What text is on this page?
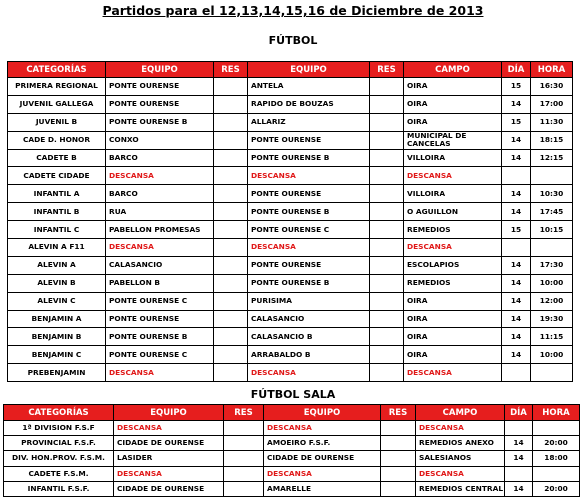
Partidos para el 12,13,14,15,16 de Diciembre de 2013
FÚTBOL
CATEGORÍAS	EQUIPO	RES	EQUIPO	RES	CAMPO	DÍA	HORA
PRIMERA REGIONAL	PONTE OURENSE		ANTELA		OIRA	15	16:30
JUVENIL GALLEGA	PONTE OURENSE		RAPIDO DE BOUZAS		OIRA	14	17:00
JUVENIL B	PONTE OURENSE B		ALLARIZ		OIRA	15	11:30
CADE D. HONOR	CONXO		PONTE OURENSE		MUNICIPAL DE CANCELAS	14	18:15
CADETE B	BARCO		PONTE OURENSE B		VILLOIRA	14	12:15
CADETE CIDADE	DESCANSA		DESCANSA		DESCANSA		
INFANTIL A	BARCO		PONTE OURENSE		VILLOIRA	14	10:30
INFANTIL B	RUA		PONTE OURENSE B		O AGUILLON	14	17:45
INFANTIL C	PABELLON PROMESAS		PONTE OURENSE C		REMEDIOS	15	10:15
ALEVIN A F11	DESCANSA		DESCANSA		DESCANSA		
ALEVIN A	CALASANCIO		PONTE OURENSE		ESCOLAPIOS	14	17:30
ALEVIN B	PABELLON B		PONTE OURENSE B		REMEDIOS	14	10:00
ALEVIN C	PONTE OURENSE C		PURISIMA		OIRA	14	12:00
BENJAMIN A	PONTE OURENSE		CALASANCIO		OIRA	14	19:30
BENJAMIN B	PONTE OURENSE B		CALASANCIO B		OIRA	14	11:15
BENJAMIN C	PONTE OURENSE C		ARRABALDO B		OIRA	14	10:00
PREBENJAMIN	DESCANSA		DESCANSA		DESCANSA		
FÚTBOL SALA
CATEGORÍAS	EQUIPO	RES	EQUIPO	RES	CAMPO	DÍA	HORA
1ª DIVISION F.S.F	DESCANSA		DESCANSA		DESCANSA		
PROVINCIAL F.S.F.	CIDADE DE OURENSE		AMOEIRO F.S.F.		REMEDIOS ANEXO	14	20:00
DIV. HON.PROV. F.S.M.	LASIDER		CIDADE DE OURENSE		SALESIANOS	14	18:00
CADETE F.S.M.	DESCANSA		DESCANSA		DESCANSA		
INFANTIL F.S.F.	CIDADE DE OURENSE		AMARELLE		REMEDIOS CENTRAL	14	20:00
